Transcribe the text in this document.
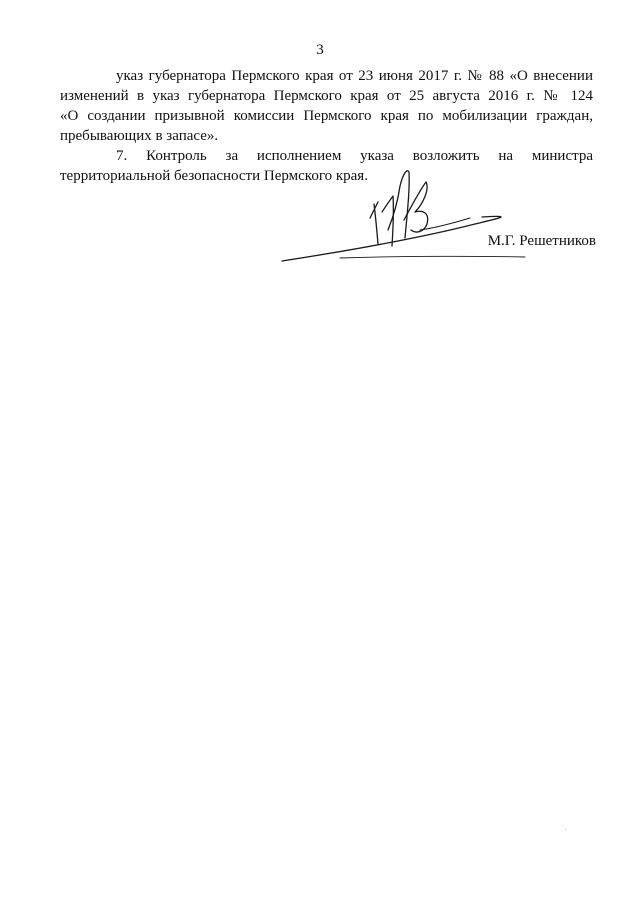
3
указ губернатора Пермского края от 23 июня 2017 г. № 88 «О внесении
изменений в указ губернатора Пермского края от 25 августа 2016 г. № 124
«О создании призывной комиссии Пермского края по мобилизации граждан,
пребывающих в запасе».
7. Контроль за исполнением указа возложить на министра
территориальной безопасности Пермского края.
М.Г. Решетников
